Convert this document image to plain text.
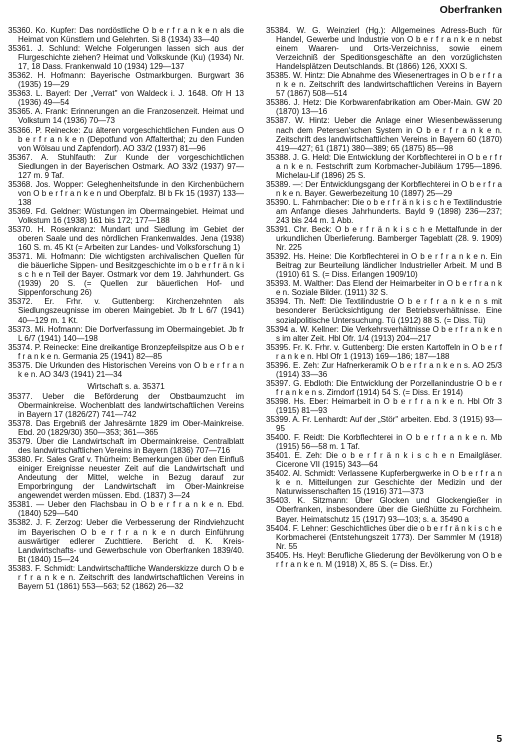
Oberfranken

35360. Ko. Kupfer: Das nordöstliche O b e r f r a n k e n als die Heimat von Künstlern und Gelehrten. Si 8 (1934) 33—40

35361. J. Schlund: Welche Folgerungen lassen sich aus der Flurgeschichte ziehen? Heimat und Volkskunde (Ku) (1934) Nr. 17, 18 Dass. Frankenwald 10 (1934) 129—137

35362. H. Hofmann: Bayerische Ostmarkburgen. Burgwart 36 (1935) 19—29

35363. L. Bayerl: Der „Verrat" von Waldeck i. J. 1648. Ofr H 13 (1936) 49—54

35365. A. Frank: Erinnerungen an die Franzosenzeit. Heimat und Volkstum 14 (1936) 70—73

35366. P. Reinecke: Zu älteren vorgeschichtlichen Funden aus O b e r f r a n k e n (Depotfund von Affalterthal; zu den Funden von Wölsau und Zapfendorf). AO 33/2 (1937) 81—96

35367. A. Stuhlfauth: Zur Kunde der vorgeschichtlichen Siedlungen in der Bayerischen Ostmark. AO 33/2 (1937) 97—127 m. 9 Taf.

35368. Jos. Wopper: Geleghenheitsfunde in den Kirchenbüchern von O b e r f r a n k e n und Oberpfalz. Bl b Fk 15 (1937) 133—138

35369. Fd. Geldner: Wüstungen im Obermaingebiet. Heimat und Volkstum 16 (1938) 161 bis 172; 177—188

35370. H. Rosenkranz: Mundart und Siedlung im Gebiet der oberen Saale und des nördlichen Frankenwaldes. Jena (1938) 160 S. m. 45 Kt (= Arbeiten zur Landes- und Volksforschung 1)

35371. Mi. Hofmann: Die wichtigsten archivalischen Quellen für die bäuerliche Sippen- und Besitzgeschichte im o b e r f r ä n k i s c h e n Teil der Bayer. Ostmark vor dem 19. Jahrhundert. Gs (1939) 20 S. (= Quellen zur bäuerlichen Hof- und Sippenforschung 26)

35372. Er. Frhr. v. Guttenberg: Kirchenzehnten als Siedlungszeugnisse im oberen Maingebiet. Jb fr L 6/7 (1941) 40—129 m. 1 Kt.

35373. Mi. Hofmann: Die Dorfverfassung im Obermaingebiet. Jb fr L 6/7 (1941) 140—198

35374. P. Reinecke: Eine dreikantige Bronzepfeilspitze aus O b e r f r a n k e n. Germania 25 (1941) 82—85

35375. Die Urkunden des Historischen Vereins von O b e r f r a n k e n. AO 34/3 (1941) 21—34

Wirtschaft s. a. 35371

35377. Ueber die Beförderung der Obstbaumzucht im Obermainkreise. Wochenblatt des landwirtschaftlichen Vereins in Bayern 17 (1826/27) 741—742

35378. Das Ergebniß der Jahresärnte 1829 im Ober-Mainkreise. Ebd. 20 (1829/30) 350—353; 361—365

35379. Über die Landwirtschaft im Obermainkreise. Centralblatt des landwirtschaftlichen Vereins in Bayern (1836) 707—716

35380. Fr. Sales Graf v. Thürheim: Bemerkungen über den Einfluß einiger Ereignisse neuester Zeit auf die Landwirtschaft und Andeutung der Mittel, welche in Bezug darauf zur Emporbringung der Landwirtschaft im Ober-Mainkreise angewendet werden müssen. Ebd. (1837) 3—24

35381. — Ueber den Flachsbau in O b e r f r a n k e n. Ebd. (1840) 529—540

35382. J. F. Zerzog: Ueber die Verbesserung der Rindviehzucht im Bayerischen O b e r f r a n k e n durch Einführung auswärtiger edlerer Zuchttiere. Bericht d. K. Kreis-Landwirtschafts- und Gewerbschule von Oberfranken 1839/40. Bt (1840) 15—24

35383. F. Schmidt: Landwirtschaftliche Wanderskizze durch O b e r f r a n k e n. Zeitschrift des landwirtschaftlichen Vereins in Bayern 51 (1861) 553—563; 52 (1862) 26—32

35384. W. G. Weinzierl (Hg.): Allgemeines Adress-Buch für Handel, Gewerbe und Industrie von O b e r f r a n k e n nebst einem Waaren- und Orts-Verzeichniss, sowie einem Verzeichniß der Speditionsgeschäfte an den vorzüglichsten Handelsplätzen Deutschlands. Bt (1866) 126, XXXI S.

35385. W. Hintz: Die Abnahme des Wiesenertrages in O b e r f r a n k e n. Zeitschrift des landwirtschaftlichen Vereins in Bayern 57 (1867) 508—514

35386. J. Hetz: Die Korbwarenfabrikation am Ober-Main. GW 20 (1870) 13—16

35387. W. Hintz: Ueber die Anlage einer Wiesenbewässerung nach dem Petersen'schen System in O b e r f r a n k e n. Zeitschrift des landwirtschaftlichen Vereins in Bayern 60 (1870) 419—427; 61 (1871) 380—389; 65 (1875) 85—98

35388. J. G. Held: Die Entwicklung der Korbflechterei in O b e r f r a n k e n. Festschrift zum Korbmacher-Jubiläum 1795—1896. Michelau-Lif (1896) 25 S.

35389. —: Der Entwicklungsgang der Korbflechterei in O b e r f r a n k e n. Bayer. Gewerbezeitung 10 (1897) 25—29

35390. L. Fahrnbacher: Die o b e r f r ä n k i s c h e Textilindustrie am Anfange dieses Jahrhunderts. Bayld 9 (1898) 236—237; 243 bis 244 m. 1 Abb.

35391. Chr. Beck: O b e r f r ä n k i s c h e Mettalfunde in der urkundlichen Überlieferung. Bamberger Tageblatt (28. 9. 1909) Nr. 225

35392. Hs. Heine: Die Korbflechterei in O b e r f r a n k e n. Ein Beitrag zur Beurteilung ländlicher Industrieller Arbeit. M und B (1910) 61 S. (= Diss. Erlangen 1909/10)

35393. M. Walther: Das Elend der Heimarbeiter in O b e r f r a n k e n. Soziale Bilder. (1911) 32 S.

35394. Th. Neff: Die Textilindustrie O b e r f r a n k e n s mit besonderer Berücksichtigung der Betriebsverhältnisse. Eine sozialpolitische Untersuchung. Tü (1912) 88 S. (= Diss. Tü)

35394 a. W. Kellner: Die Verkehrsverhältnisse O b e r f r a n k e n s im alter Zeit. Hbl Ofr. 1/4 (1913) 204—217

35395. Fr. K. Frhr. v. Guttenberg: Die ersten Kartoffeln in O b e r f r a n k e n. Hbl Ofr 1 (1913) 169—186; 187—188

35396. E. Zeh: Zur Hafnerkeramik O b e r f r a n k e n s. AO 25/3 (1914) 33—36

35397. G. Ebdloth: Die Entwicklung der Porzellanindustrie O b e r f r a n k e n s. Zirndorf (1914) 54 S. (= Diss. Er 1914)

35398. Hs. Eber: Heimarbeit in O b e r f r a n k e n. Hbl Ofr 3 (1915) 81—93

35399. A. Fr. Lenhardt: Auf der „Stör" arbeiten. Ebd. 3 (1915) 93—95

35400. F. Reidt: Die Korbflechterei in O b e r f r a n k e n. Mb (1915) 56—58 m. 1 Taf.

35401. E. Zeh: Die o b e r f r ä n k i s c h e n Emailgläser. Cicerone VII (1915) 343—64

35402. Al. Schmidt: Verlassene Kupferbergwerke in O b e r f r a n k e n. Mitteilungen zur Geschichte der Medizin und der Naturwissenschaften 15 (1916) 371—373

35403. K. Sitzmann: Über Glocken und Glockengießer in Oberfranken, insbesondere über die Gießhütte zu Forchheim. Bayer. Heimatschutz 15 (1917) 93—103; s. a. 35490 a

35404. F. Lehner: Geschichtliches über die o b e r f r ä n k i s c h e Korbmacherei (Entstehungszeit 1773). Der Sammler M (1918) Nr. 55

35405. Hs. Heyl: Berufliche Gliederung der Bevölkerung von O b e r f r a n k e n. M (1918) X, 85 S. (= Diss. Er.)

5
